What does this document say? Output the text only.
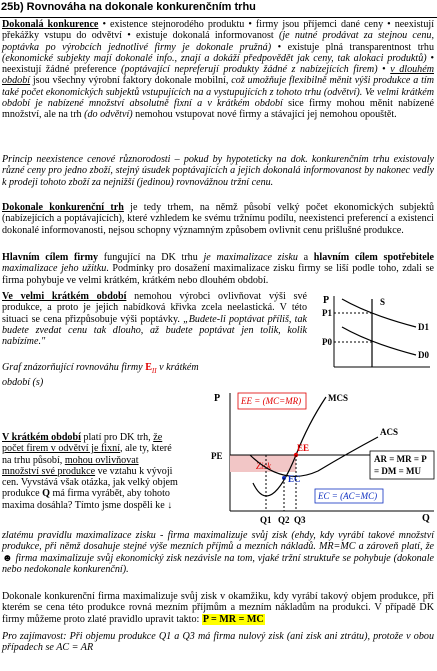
25b) Rovnováha na dokonale konkurenčním trhu
Dokonalá konkurence • existence stejnorodého produktu • firmy jsou příjemci dané ceny • neexistují překážky vstupu do odvětví • existuje dokonalá informovanost (je nutné prodávat za stejnou cenu, poptávka po výrobcích jednotlivé firmy je dokonale pružná) • existuje plná transparentnost trhu (ekonomické subjekty mají dokonalé info., znají a dokáží předpovědět jak ceny, tak alokaci produktů) • neexistují žádné preference (poptávající nepreferují produkty žádné z nabízejících firem) • v dlouhém období jsou všechny výrobní faktory dokonale mobilní, což umožňuje flexibilně měnit výši produkce a tím také počet ekonomických subjektů vstupujících na a vystupujících z tohoto trhu (odvětví). Ve velmi krátkém období je nabízené množství absolutně fixní a v krátkém období sice firmy mohou měnit nabízené množství, ale na trh (do odvětví) nemohou vstupovat nové firmy a stávající jej nemohou opouštět.
Princip neexistence cenové různorodosti – pokud by hypoteticky na dok. konkurenčním trhu existovaly různé ceny pro jedno zboží, stejný úsudek poptávajících a jejich dokonalá informovanost by nakonec vedly k prodeji tohoto zboží za nejnižší (jedinou) rovnovážnou tržní cenu.
Dokonale konkurenční trh je tedy trhem, na němž působí velký počet ekonomických subjektů (nabízejících a poptávajících), které vzhledem ke svému tržnímu podílu, neexistenci preferencí a existenci dokonalé informovanosti, nejsou schopny významným způsobem ovlivnit cenu prišlušné produkce.
Hlavním cílem firmy fungující na DK trhu je maximalizace zisku a hlavním cílem spotřebitele maximalizace jeho užitku. Podmínky pro dosažení maximalizace zisku firmy se liší podle toho, zdali se firma pohybuje ve velmi krátkém, krátkém nebo dlouhém období.
Ve velmi krátkém období nemohou výrobci ovlivňovat výši své produkce, a proto je jejich nabídková křivka zcela neelastická. V této situaci se cena přizpůsobuje výši poptávky. „Budete-li poptávat příliš, tak budete zvedat cenu tak dlouho, až budete poptávat jen tolik, kolik nabízíme."
Graf znázorňující rovnováhu firmy $E_{II}$ v krátkém období (s)
V krátkém období platí pro DK trh, že počet firem v odvětví je fixní, ale ty, které na trhu působí, mohou ovlivňovat množství své produkce ve vztahu k vývoji cen. Vyvstává však otázka, jak velký objem produkce Q má firma vyrábět, aby tohoto maxima dosáhla? Tímto jsme dospěli ke ↓
zlatému pravidlu maximalizace zisku - firma maximalizuje svůj zisk (ehdy, kdy vyrábí takové množství produkce, při němž dosahuje stejné výše mezních příjmů a mezních nákladů. MR=MC a zároveň platí, že ☻ firma maximalizuje svůj ekonomický zisk nezávisle na tom, vjaké tržní struktuře se pohybuje (dokonale nebo nedokonale konkurenční).
Dokonale konkurenční firma maximalizuje svůj zisk v okamžiku, kdy vyrábí takový objem produkce, při kterém se cena této produkce rovná mezním příjmům a mezním nákladům na produkci. V případě DK firmy můžeme proto zlaté pravidlo upravit takto: P = MR = MC
Pro zajímavost: Při objemu produkce Q1 a Q3 má firma nulový zisk (ani zisk ani ztrátu), protože v obou případech se AC = AR
P
P1
P0
S
D1
D0
P
Q
EE = (MC=MR)
Zisk
PE
MCS
ACS
EE
EC
EC = (AC=MC)
AR = MR = P
= DM = MU
Q1 Q2 Q3
